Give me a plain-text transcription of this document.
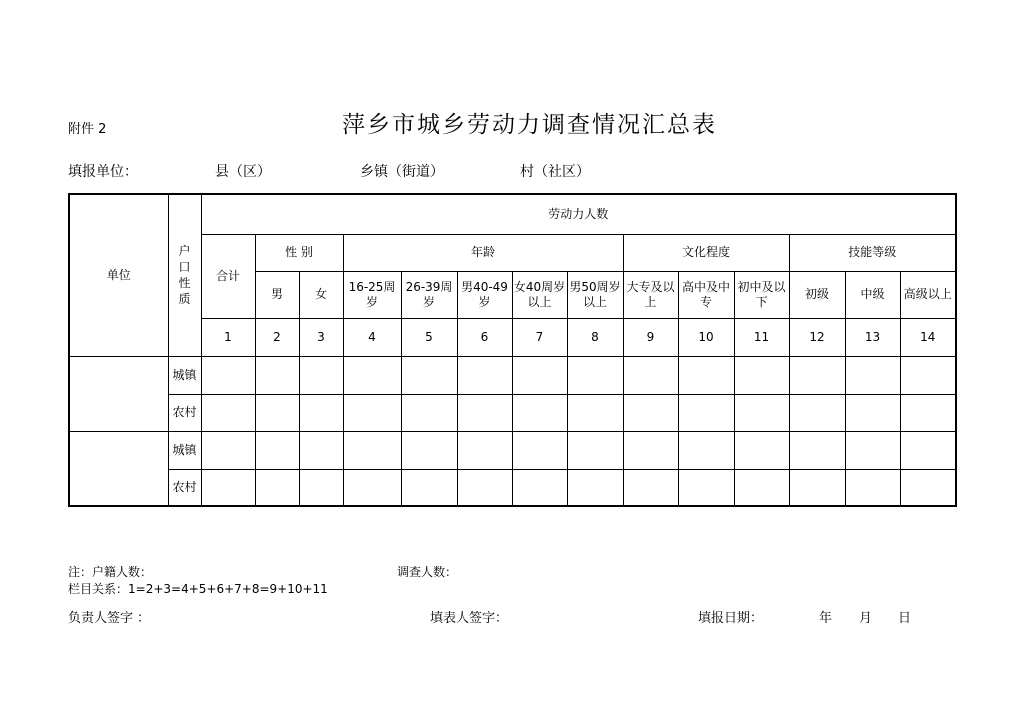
附件 2	萍乡市城乡劳动力调查情况汇总表
填报单位：	县（区）	乡镇（街道）	村（社区）
单位	户口性质	劳动力人数													
		合计	性 别		年龄					文化程度			技能等级		
			男	女	16-25周岁	26-39周岁	男40-49岁	女40周岁以上	男50周岁以上	大专及以上	高中及中专	初中及以下	初级	中级	高级以上
		1	2	3	4	5	6	7	8	9	10	11	12	13	14
	城镇														
	农村														
	城镇														
	农村														
注：户籍人数：	调查人数：
栏目关系：1=2+3=4+5+6+7+8=9+10+11
负责人签字 ：	填表人签字：	填报日期：	年 月 日
